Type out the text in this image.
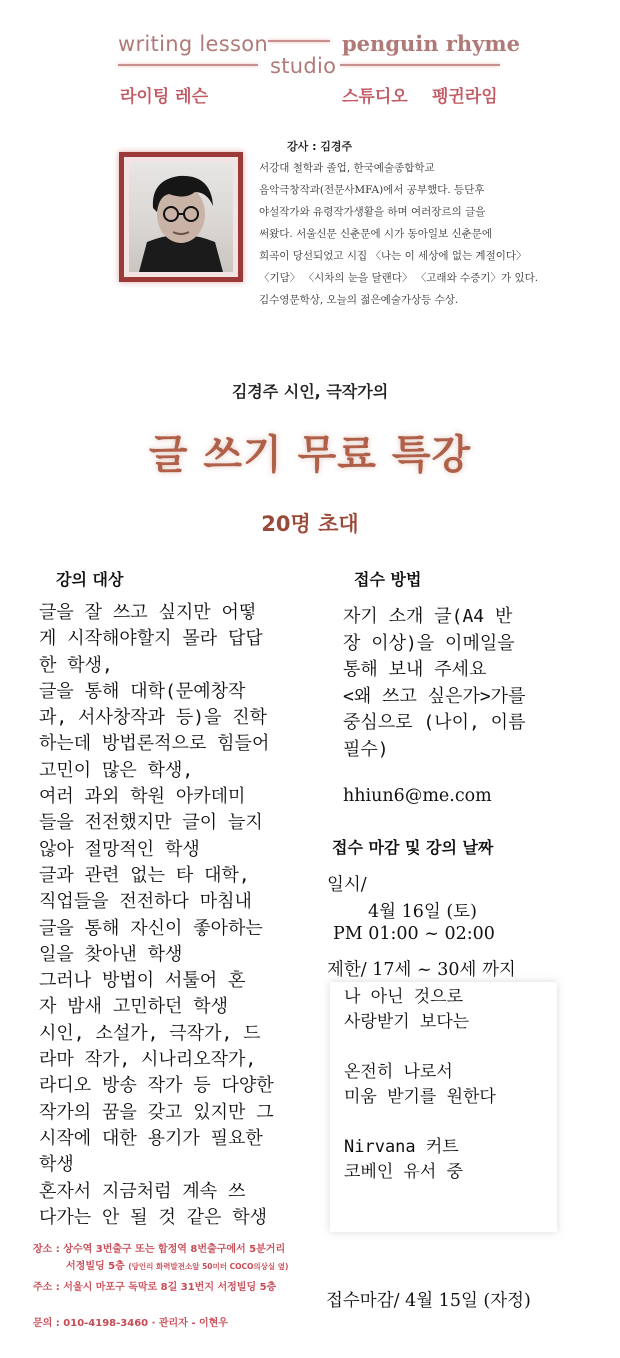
writing lesson
studio
penguin rhyme
라이팅 레슨	스튜디오 펭귄라임
강사 : 김경주
서강대 철학과 졸업, 한국예술종합학교
음악극창작과(전문사MFA)에서 공부했다. 등단후
야설작가와 유령작가생활을 하며 여러장르의 글을
써왔다. 서울신문 신춘문에 시가 동아일보 신춘문에
희곡이 당선되었고 시집 〈나는 이 세상에 없는 계절이다〉
〈기담〉 〈시차의 눈을 달랜다〉 〈고래와 수증기〉가 있다.
김수영문학상, 오늘의 젊은예술가상등 수상.
김경주 시인, 극작가의
글 쓰기 무료 특강
20명 초대
강의 대상
글을 잘 쓰고 싶지만 어떻
게 시작해야할지 몰라 답답
한 학생,
글을 통해 대학(문예창작
과, 서사창작과 등)을 진학
하는데 방법론적으로 힘들어
고민이 많은 학생,
여러 과외 학원 아카데미
들을 전전했지만 글이 늘지
않아 절망적인 학생
글과 관련 없는 타 대학,
직업들을 전전하다 마침내
글을 통해 자신이 좋아하는
일을 찾아낸 학생
그러나 방법이 서툴어 혼
자 밤새 고민하던 학생
시인, 소설가, 극작가, 드
라마 작가, 시나리오작가,
라디오 방송 작가 등 다양한
작가의 꿈을 갖고 있지만 그
시작에 대한 용기가 필요한
학생
혼자서 지금처럼 계속 쓰
다가는 안 될 것 같은 학생
접수 방법
자기 소개 글(A4 반
장 이상)을 이메일을
통해 보내 주세요
<왜 쓰고 싶은가>가를
중심으로 (나이, 이름
필수)
hhiun6@me.com
접수 마감 및 강의 날짜
일시/
4월 16일 (토)
PM 01:00 ~ 02:00
제한/ 17세 ~ 30세 까지
나 아닌 것으로
사랑받기 보다는
온전히 나로서
미움 받기를 원한다
Nirvana 커트
코베인 유서 중
접수마감/ 4월 15일 (자정)
장소 : 상수역 3번출구 또는 합정역 8번출구에서 5분거리
서정빌딩 5층 (당인리 화력발전소앞 50미터 COCO의상실 옆)
주소 : 서울시 마포구 독막로 8길 31번지 서정빌딩 5층
문의 : 010-4198-3460 · 관리자 - 이현우
